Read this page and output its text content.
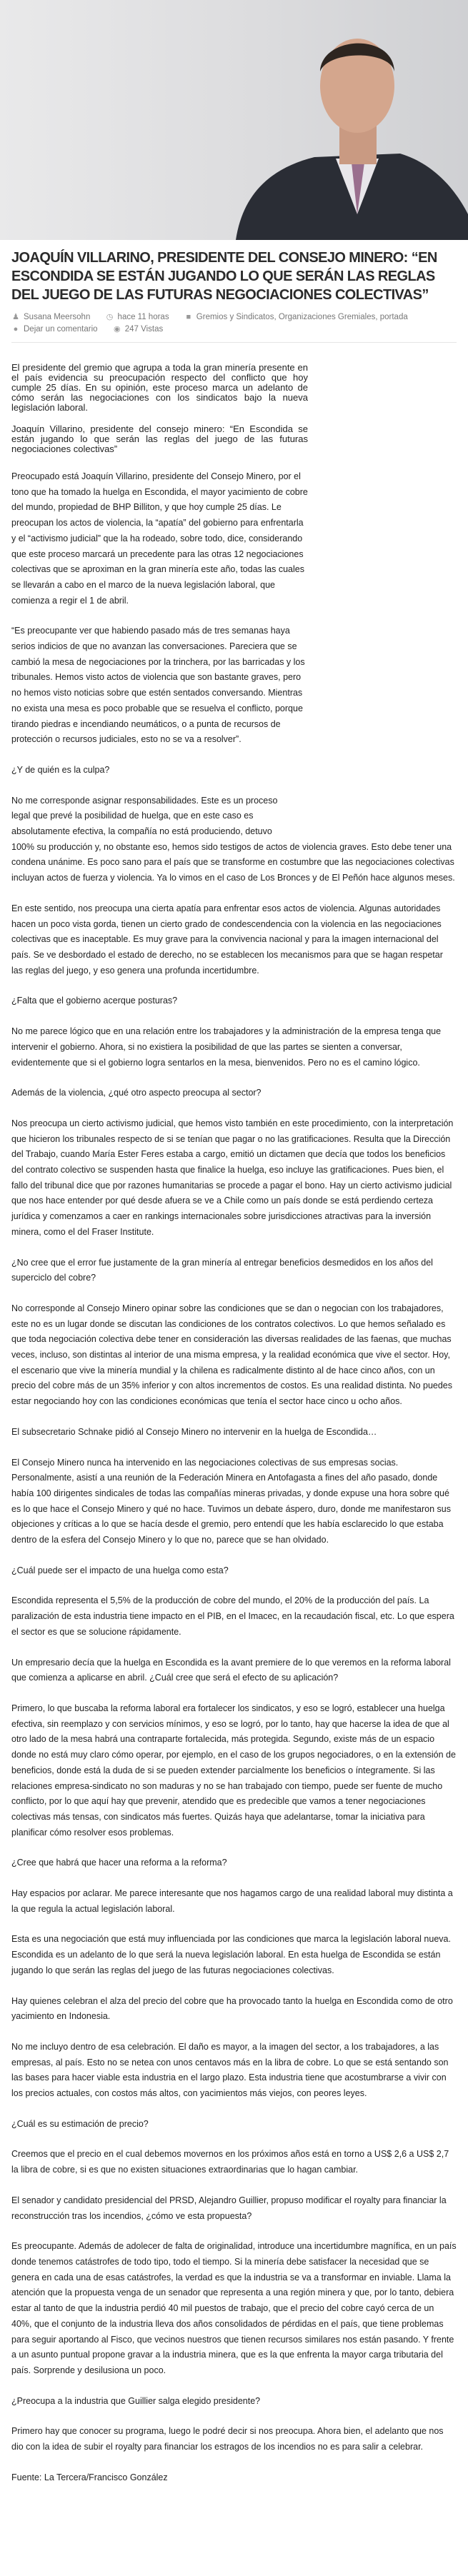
JOAQUÍN VILLARINO, PRESIDENTE DEL CONSEJO MINERO: “EN ESCONDIDA SE ESTÁN JUGANDO LO QUE SERÁN LAS REGLAS DEL JUEGO DE LAS FUTURAS NEGOCIACIONES COLECTIVAS”
♟ Susana Meersohn ◷ hace 11 horas ■ Gremios y Sindicatos, Organizaciones Gremiales, portada
● Dejar un comentario ◉ 247 Vistas

El presidente del gremio que agrupa a toda la gran minería presente en el país evidencia su preocupación respecto del conflicto que hoy cumple 25 días. En su opinión, este proceso marca un adelanto de cómo serán las negociaciones con los sindicatos bajo la nueva legislación laboral.

Joaquín Villarino, presidente del consejo minero: “En Escondida se están jugando lo que serán las reglas del juego de las futuras negociaciones colectivas”

Preocupado está Joaquín Villarino, presidente del Consejo Minero, por el tono que ha tomado la huelga en Escondida, el mayor yacimiento de cobre del mundo, propiedad de BHP Billiton, y que hoy cumple 25 días. Le preocupan los actos de violencia, la “apatía” del gobierno para enfrentarla y el “activismo judicial” que la ha rodeado, sobre todo, dice, considerando que este proceso marcará un precedente para las otras 12 negociaciones colectivas que se aproximan en la gran minería este año, todas las cuales se llevarán a cabo en el marco de la nueva legislación laboral, que comienza a regir el 1 de abril.

“Es preocupante ver que habiendo pasado más de tres semanas haya serios indicios de que no avanzan las conversaciones. Pareciera que se cambió la mesa de negociaciones por la trinchera, por las barricadas y los tribunales. Hemos visto actos de violencia que son bastante graves, pero no hemos visto noticias sobre que estén sentados conversando. Mientras no exista una mesa es poco probable que se resuelva el conflicto, porque tirando piedras e incendiando neumáticos, o a punta de recursos de protección o recursos judiciales, esto no se va a resolver”.

¿Y de quién es la culpa?

No me corresponde asignar responsabilidades. Este es un proceso
legal que prevé la posibilidad de huelga, que en este caso es
absolutamente efectiva, la compañía no está produciendo, detuvo
100% su producción y, no obstante eso, hemos sido testigos de actos de violencia graves. Esto debe tener una condena unánime. Es poco sano para el país que se transforme en costumbre que las negociaciones colectivas incluyan actos de fuerza y violencia. Ya lo vimos en el caso de Los Bronces y de El Peñón hace algunos meses.

En este sentido, nos preocupa una cierta apatía para enfrentar esos actos de violencia. Algunas autoridades hacen un poco vista gorda, tienen un cierto grado de condescendencia con la violencia en las negociaciones colectivas que es inaceptable. Es muy grave para la convivencia nacional y para la imagen internacional del país. Se ve desbordado el estado de derecho, no se establecen los mecanismos para que se hagan respetar las reglas del juego, y eso genera una profunda incertidumbre.

¿Falta que el gobierno acerque posturas?

No me parece lógico que en una relación entre los trabajadores y la administración de la empresa tenga que intervenir el gobierno. Ahora, si no existiera la posibilidad de que las partes se sienten a conversar, evidentemente que si el gobierno logra sentarlos en la mesa, bienvenidos. Pero no es el camino lógico.

Además de la violencia, ¿qué otro aspecto preocupa al sector?

Nos preocupa un cierto activismo judicial, que hemos visto también en este procedimiento, con la interpretación que hicieron los tribunales respecto de si se tenían que pagar o no las gratificaciones. Resulta que la Dirección del Trabajo, cuando María Ester Feres estaba a cargo, emitió un dictamen que decía que todos los beneficios del contrato colectivo se suspenden hasta que finalice la huelga, eso incluye las gratificaciones. Pues bien, el fallo del tribunal dice que por razones humanitarias se procede a pagar el bono. Hay un cierto activismo judicial que nos hace entender por qué desde afuera se ve a Chile como un país donde se está perdiendo certeza jurídica y comenzamos a caer en rankings internacionales sobre jurisdicciones atractivas para la inversión minera, como el del Fraser Institute.

¿No cree que el error fue justamente de la gran minería al entregar beneficios desmedidos en los años del superciclo del cobre?

No corresponde al Consejo Minero opinar sobre las condiciones que se dan o negocian con los trabajadores, este no es un lugar donde se discutan las condiciones de los contratos colectivos. Lo que hemos señalado es que toda negociación colectiva debe tener en consideración las diversas realidades de las faenas, que muchas veces, incluso, son distintas al interior de una misma empresa, y la realidad económica que vive el sector. Hoy, el escenario que vive la minería mundial y la chilena es radicalmente distinto al de hace cinco años, con un precio del cobre más de un 35% inferior y con altos incrementos de costos. Es una realidad distinta. No puedes estar negociando hoy con las condiciones económicas que tenía el sector hace cinco u ocho años.

El subsecretario Schnake pidió al Consejo Minero no intervenir en la huelga de Escondida…

El Consejo Minero nunca ha intervenido en las negociaciones colectivas de sus empresas socias. Personalmente, asistí a una reunión de la Federación Minera en Antofagasta a fines del año pasado, donde había 100 dirigentes sindicales de todas las compañías mineras privadas, y donde expuse una hora sobre qué es lo que hace el Consejo Minero y qué no hace. Tuvimos un debate áspero, duro, donde me manifestaron sus objeciones y críticas a lo que se hacía desde el gremio, pero entendí que les había esclarecido lo que estaba dentro de la esfera del Consejo Minero y lo que no, parece que se han olvidado.

¿Cuál puede ser el impacto de una huelga como esta?

Escondida representa el 5,5% de la producción de cobre del mundo, el 20% de la producción del país. La paralización de esta industria tiene impacto en el PIB, en el Imacec, en la recaudación fiscal, etc. Lo que espera el sector es que se solucione rápidamente.

Un empresario decía que la huelga en Escondida es la avant premiere de lo que veremos en la reforma laboral que comienza a aplicarse en abril. ¿Cuál cree que será el efecto de su aplicación?

Primero, lo que buscaba la reforma laboral era fortalecer los sindicatos, y eso se logró, establecer una huelga efectiva, sin reemplazo y con servicios mínimos, y eso se logró, por lo tanto, hay que hacerse la idea de que al otro lado de la mesa habrá una contraparte fortalecida, más protegida. Segundo, existe más de un espacio donde no está muy claro cómo operar, por ejemplo, en el caso de los grupos negociadores, o en la extensión de beneficios, donde está la duda de si se pueden extender parcialmente los beneficios o íntegramente. Si las relaciones empresa-sindicato no son maduras y no se han trabajado con tiempo, puede ser fuente de mucho conflicto, por lo que aquí hay que prevenir, atendido que es predecible que vamos a tener negociaciones colectivas más tensas, con sindicatos más fuertes. Quizás haya que adelantarse, tomar la iniciativa para planificar cómo resolver esos problemas.

¿Cree que habrá que hacer una reforma a la reforma?

Hay espacios por aclarar. Me parece interesante que nos hagamos cargo de una realidad laboral muy distinta a la que regula la actual legislación laboral.

Esta es una negociación que está muy influenciada por las condiciones que marca la legislación laboral nueva. Escondida es un adelanto de lo que será la nueva legislación laboral. En esta huelga de Escondida se están jugando lo que serán las reglas del juego de las futuras negociaciones colectivas.

Hay quienes celebran el alza del precio del cobre que ha provocado tanto la huelga en Escondida como de otro yacimiento en Indonesia.

No me incluyo dentro de esa celebración. El daño es mayor, a la imagen del sector, a los trabajadores, a las empresas, al país. Esto no se netea con unos centavos más en la libra de cobre. Lo que se está sentando son las bases para hacer viable esta industria en el largo plazo. Esta industria tiene que acostumbrarse a vivir con los precios actuales, con costos más altos, con yacimientos más viejos, con peores leyes.

¿Cuál es su estimación de precio?

Creemos que el precio en el cual debemos movernos en los próximos años está en torno a US$ 2,6 a US$ 2,7 la libra de cobre, si es que no existen situaciones extraordinarias que lo hagan cambiar.

El senador y candidato presidencial del PRSD, Alejandro Guillier, propuso modificar el royalty para financiar la reconstrucción tras los incendios, ¿cómo ve esta propuesta?

Es preocupante. Además de adolecer de falta de originalidad, introduce una incertidumbre magnífica, en un país donde tenemos catástrofes de todo tipo, todo el tiempo. Si la minería debe satisfacer la necesidad que se genera en cada una de esas catástrofes, la verdad es que la industria se va a transformar en inviable. Llama la atención que la propuesta venga de un senador que representa a una región minera y que, por lo tanto, debiera estar al tanto de que la industria perdió 40 mil puestos de trabajo, que el precio del cobre cayó cerca de un 40%, que el conjunto de la industria lleva dos años consolidados de pérdidas en el país, que tiene problemas para seguir aportando al Fisco, que vecinos nuestros que tienen recursos similares nos están pasando. Y frente a un asunto puntual propone gravar a la industria minera, que es la que enfrenta la mayor carga tributaria del país. Sorprende y desilusiona un poco.

¿Preocupa a la industria que Guillier salga elegido presidente?

Primero hay que conocer su programa, luego le podré decir si nos preocupa. Ahora bien, el adelanto que nos dio con la idea de subir el royalty para financiar los estragos de los incendios no es para salir a celebrar.

Fuente: La Tercera/Francisco González
